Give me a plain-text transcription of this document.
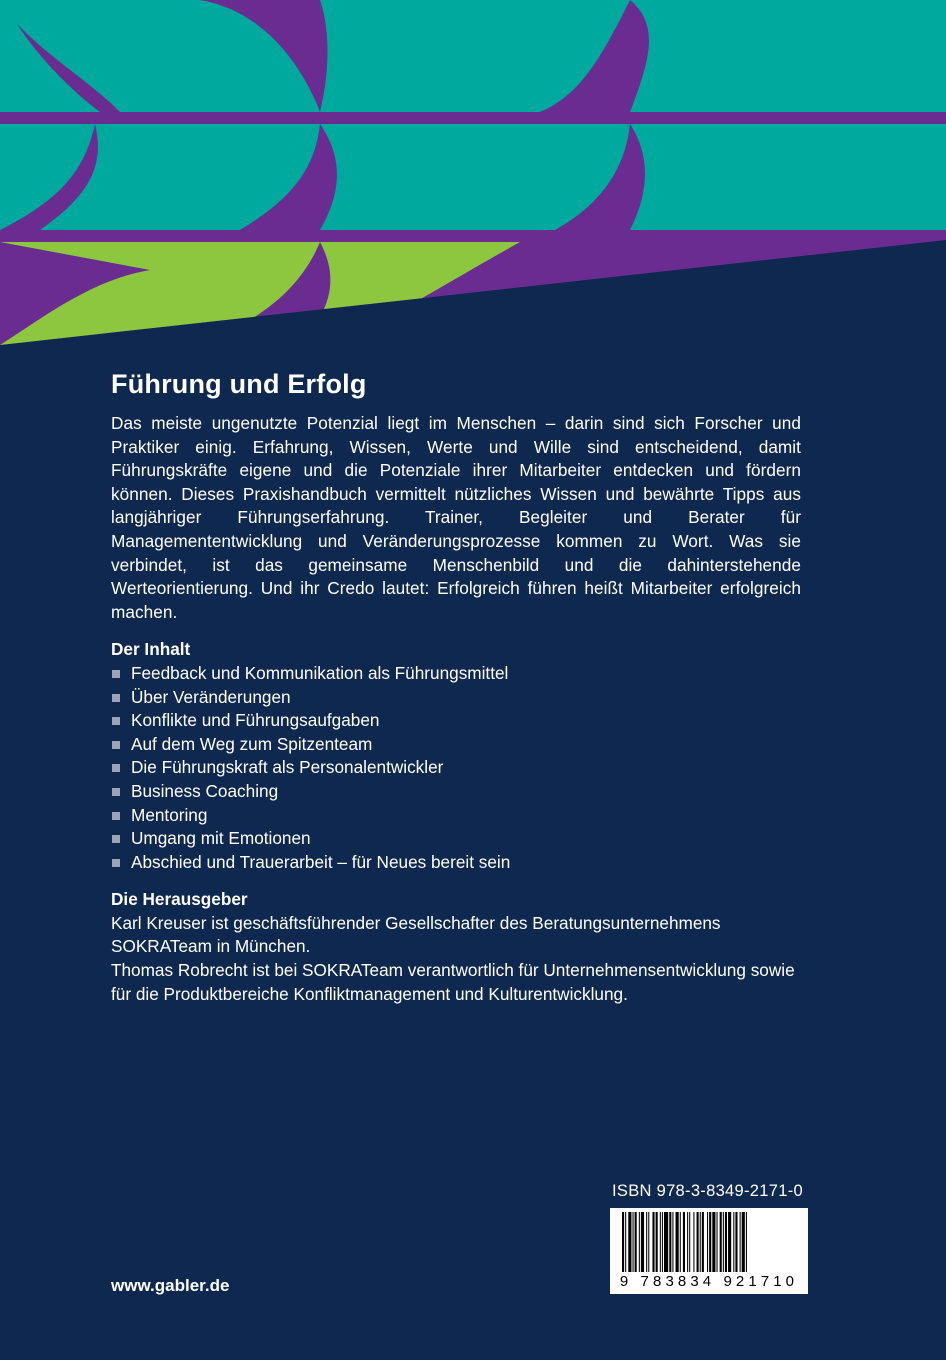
Führung und Erfolg

Das meiste ungenutzte Potenzial liegt im Menschen – darin sind sich Forscher und Praktiker einig. Erfahrung, Wissen, Werte und Wille sind entscheidend, damit Führungskräfte eigene und die Potenziale ihrer Mitarbeiter entdecken und fördern können. Dieses Praxishandbuch vermittelt nützliches Wissen und bewährte Tipps aus langjähriger Führungserfahrung. Trainer, Begleiter und Berater für Managemententwicklung und Veränderungsprozesse kommen zu Wort. Was sie verbindet, ist das gemeinsame Menschenbild und die dahinterstehende Werteorientierung. Und ihr Credo lautet: Erfolgreich führen heißt Mitarbeiter erfolgreich machen.

Der Inhalt
Feedback und Kommunikation als Führungsmittel
Über Veränderungen
Konflikte und Führungsaufgaben
Auf dem Weg zum Spitzenteam
Die Führungskraft als Personalentwickler
Business Coaching
Mentoring
Umgang mit Emotionen
Abschied und Trauerarbeit – für Neues bereit sein
Die Herausgeber

Karl Kreuser ist geschäftsführender Gesellschafter des Beratungsunternehmens SOKRATeam in München.

Thomas Robrecht ist bei SOKRATeam verantwortlich für Unternehmensentwicklung sowie für die Produktbereiche Konfliktmanagement und Kulturentwicklung.

ISBN 978-3-8349-2171-0
9 783834 921710
www.gabler.de
